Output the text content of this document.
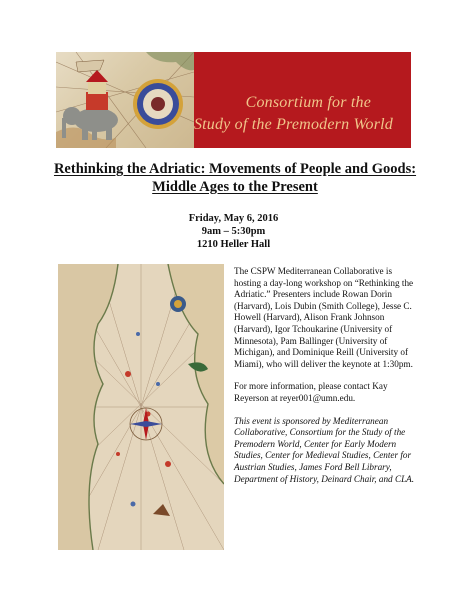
Consortium for the
Study of the Premodern World
Rethinking the Adriatic: Movements of People and Goods:
Middle Ages to the Present
Friday, May 6, 2016
9am – 5:30pm
1210 Heller Hall

The CSPW Mediterranean Collaborative is hosting a day-long workshop on “Rethinking the Adriatic.” Presenters include Rowan Dorin (Harvard), Lois Dubin (Smith College), Jesse C. Howell (Harvard), Alison Frank Johnson (Harvard), Igor Tchoukarine (University of Minnesota), Pam Ballinger (University of Michigan), and Dominique Reill (University of Miami), who will deliver the keynote at 1:30pm.

For more information, please contact Kay Reyerson at reyer001@umn.edu.

This event is sponsored by Mediterranean Collaborative, Consortium for the Study of the Premodern World, Center for Early Modern Studies, Center for Medieval Studies, Center for Austrian Studies, James Ford Bell Library, Department of History, Deinard Chair, and CLA.
